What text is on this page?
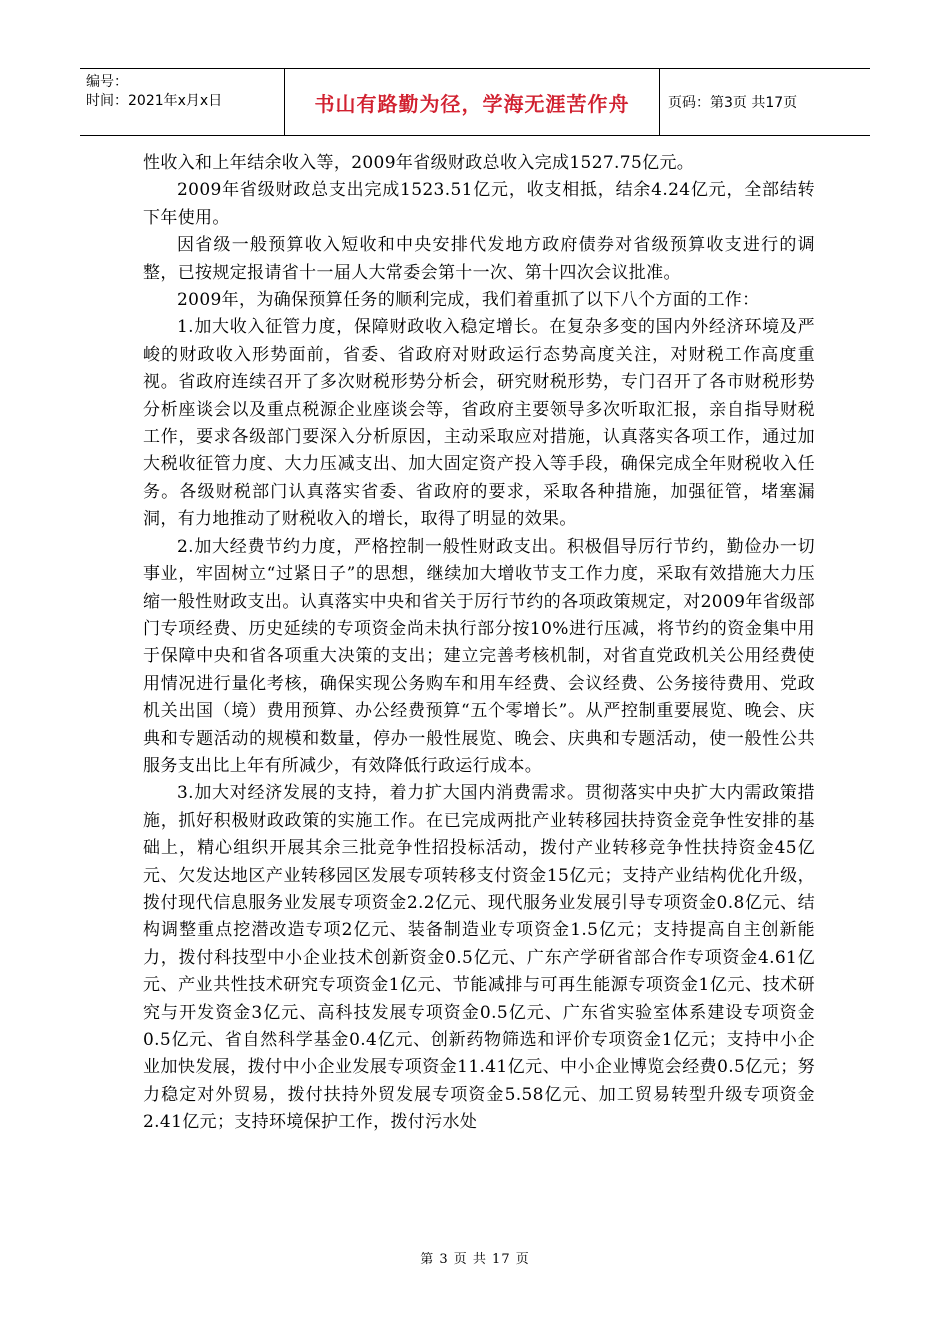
编号：
时间：2021年x月x日	书山有路勤为径，学海无涯苦作舟	页码：第3页 共17页

性收入和上年结余收入等，2009年省级财政总收入完成1527.75亿元。

2009年省级财政总支出完成1523.51亿元，收支相抵，结余4.24亿元，全部结转下年使用。

因省级一般预算收入短收和中央安排代发地方政府债券对省级预算收支进行的调整，已按规定报请省十一届人大常委会第十一次、第十四次会议批准。

2009年，为确保预算任务的顺利完成，我们着重抓了以下八个方面的工作：

1.加大收入征管力度，保障财政收入稳定增长。在复杂多变的国内外经济环境及严峻的财政收入形势面前，省委、省政府对财政运行态势高度关注，对财税工作高度重视。省政府连续召开了多次财税形势分析会，研究财税形势，专门召开了各市财税形势分析座谈会以及重点税源企业座谈会等，省政府主要领导多次听取汇报，亲自指导财税工作，要求各级部门要深入分析原因，主动采取应对措施，认真落实各项工作，通过加大税收征管力度、大力压减支出、加大固定资产投入等手段，确保完成全年财税收入任务。各级财税部门认真落实省委、省政府的要求，采取各种措施，加强征管，堵塞漏洞，有力地推动了财税收入的增长，取得了明显的效果。

2.加大经费节约力度，严格控制一般性财政支出。积极倡导厉行节约，勤俭办一切事业，牢固树立“过紧日子”的思想，继续加大增收节支工作力度，采取有效措施大力压缩一般性财政支出。认真落实中央和省关于厉行节约的各项政策规定，对2009年省级部门专项经费、历史延续的专项资金尚未执行部分按10%进行压减，将节约的资金集中用于保障中央和省各项重大决策的支出；建立完善考核机制，对省直党政机关公用经费使用情况进行量化考核，确保实现公务购车和用车经费、会议经费、公务接待费用、党政机关出国（境）费用预算、办公经费预算“五个零增长”。从严控制重要展览、晚会、庆典和专题活动的规模和数量，停办一般性展览、晚会、庆典和专题活动，使一般性公共服务支出比上年有所减少，有效降低行政运行成本。

3.加大对经济发展的支持，着力扩大国内消费需求。贯彻落实中央扩大内需政策措施，抓好积极财政政策的实施工作。在已完成两批产业转移园扶持资金竞争性安排的基础上，精心组织开展其余三批竞争性招投标活动，拨付产业转移竞争性扶持资金45亿元、欠发达地区产业转移园区发展专项转移支付资金15亿元；支持产业结构优化升级，拨付现代信息服务业发展专项资金2.2亿元、现代服务业发展引导专项资金0.8亿元、结构调整重点挖潜改造专项2亿元、装备制造业专项资金1.5亿元；支持提高自主创新能力，拨付科技型中小企业技术创新资金0.5亿元、广东产学研省部合作专项资金4.61亿元、产业共性技术研究专项资金1亿元、节能减排与可再生能源专项资金1亿元、技术研究与开发资金3亿元、高科技发展专项资金0.5亿元、广东省实验室体系建设专项资金0.5亿元、省自然科学基金0.4亿元、创新药物筛选和评价专项资金1亿元；支持中小企业加快发展，拨付中小企业发展专项资金11.41亿元、中小企业博览会经费0.5亿元；努力稳定对外贸易，拨付扶持外贸发展专项资金5.58亿元、加工贸易转型升级专项资金2.41亿元；支持环境保护工作，拨付污水处

第 3 页 共 17 页
